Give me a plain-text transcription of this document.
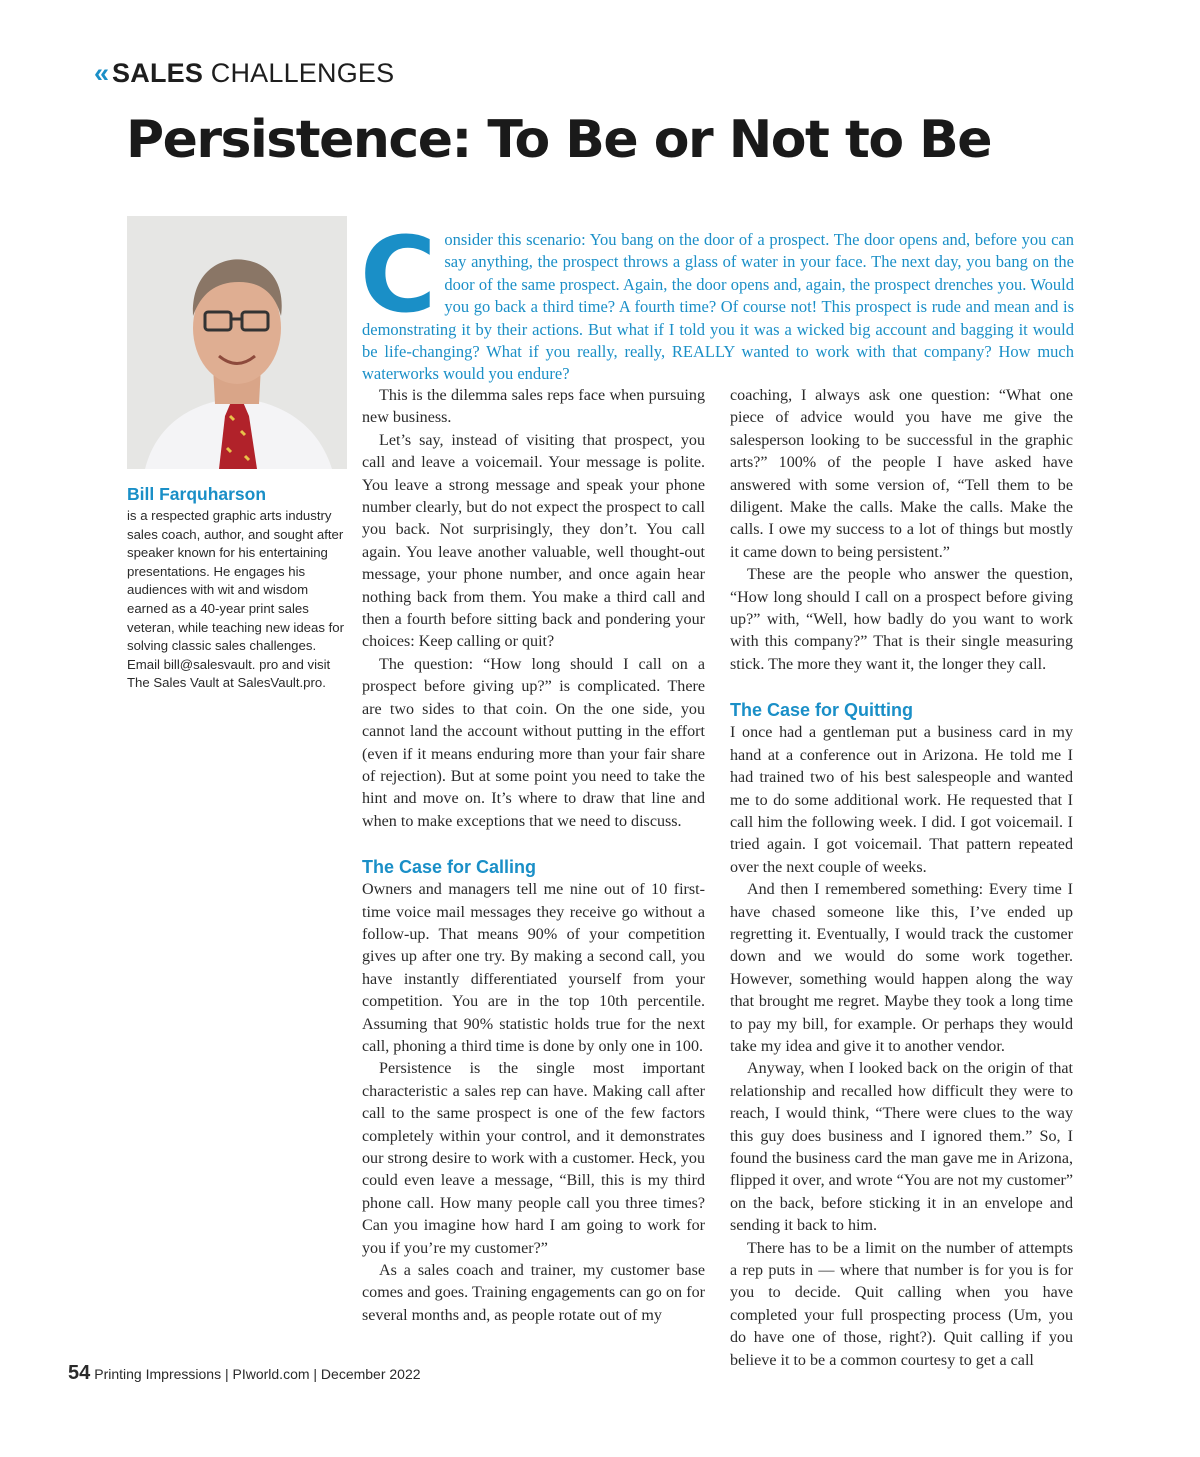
« SALES CHALLENGES
Persistence: To Be or Not to Be
Bill Farquharson
is a respected graphic arts industry sales coach, author, and sought after speaker known for his entertaining presentations. He engages his audiences with wit and wisdom earned as a 40-year print sales veteran, while teaching new ideas for solving classic sales challenges. Email bill@salesvault. pro and visit The Sales Vault at SalesVault.pro.
Consider this scenario: You bang on the door of a prospect. The door opens and, before you can say anything, the prospect throws a glass of water in your face. The next day, you bang on the door of the same prospect. Again, the door opens and, again, the prospect drenches you. Would you go back a third time? A fourth time? Of course not! This prospect is rude and mean and is demonstrating it by their actions. But what if I told you it was a wicked big account and bagging it would be life-changing? What if you really, really, REALLY wanted to work with that company? How much waterworks would you endure?

This is the dilemma sales reps face when pursuing new business.

Let’s say, instead of visiting that prospect, you call and leave a voicemail. Your message is polite. You leave a strong message and speak your phone number clearly, but do not expect the prospect to call you back. Not surprisingly, they don’t. You call again. You leave another valuable, well thought-out message, your phone number, and once again hear nothing back from them. You make a third call and then a fourth before sitting back and pondering your choices: Keep calling or quit?

The question: “How long should I call on a prospect before giving up?” is complicated. There are two sides to that coin. On the one side, you cannot land the account without putting in the effort (even if it means enduring more than your fair share of rejection). But at some point you need to take the hint and move on. It’s where to draw that line and when to make exceptions that we need to discuss.

The Case for Calling

Owners and managers tell me nine out of 10 first-time voice mail messages they receive go without a follow-up. That means 90% of your competition gives up after one try. By making a second call, you have instantly differentiated yourself from your competition. You are in the top 10th percentile. Assuming that 90% statistic holds true for the next call, phoning a third time is done by only one in 100.

Persistence is the single most important characteristic a sales rep can have. Making call after call to the same prospect is one of the few factors completely within your control, and it demonstrates our strong desire to work with a customer. Heck, you could even leave a message, “Bill, this is my third phone call. How many people call you three times? Can you imagine how hard I am going to work for you if you’re my customer?”

As a sales coach and trainer, my customer base comes and goes. Training engagements can go on for several months and, as people rotate out of my

coaching, I always ask one question: “What one piece of advice would you have me give the salesperson looking to be successful in the graphic arts?” 100% of the people I have asked have answered with some version of, “Tell them to be diligent. Make the calls. Make the calls. Make the calls. I owe my success to a lot of things but mostly it came down to being persistent.”

These are the people who answer the question, “How long should I call on a prospect before giving up?” with, “Well, how badly do you want to work with this company?” That is their single measuring stick. The more they want it, the longer they call.

The Case for Quitting

I once had a gentleman put a business card in my hand at a conference out in Arizona. He told me I had trained two of his best salespeople and wanted me to do some additional work. He requested that I call him the following week. I did. I got voicemail. I tried again. I got voicemail. That pattern repeated over the next couple of weeks.

And then I remembered something: Every time I have chased someone like this, I’ve ended up regretting it. Eventually, I would track the customer down and we would do some work together. However, something would happen along the way that brought me regret. Maybe they took a long time to pay my bill, for example. Or perhaps they would take my idea and give it to another vendor.

Anyway, when I looked back on the origin of that relationship and recalled how difficult they were to reach, I would think, “There were clues to the way this guy does business and I ignored them.” So, I found the business card the man gave me in Arizona, flipped it over, and wrote “You are not my customer” on the back, before sticking it in an envelope and sending it back to him.

There has to be a limit on the number of attempts a rep puts in — where that number is for you is for you to decide. Quit calling when you have completed your full prospecting process (Um, you do have one of those, right?). Quit calling if you believe it to be a common courtesy to get a call

54 Printing Impressions | PIworld.com | December 2022
